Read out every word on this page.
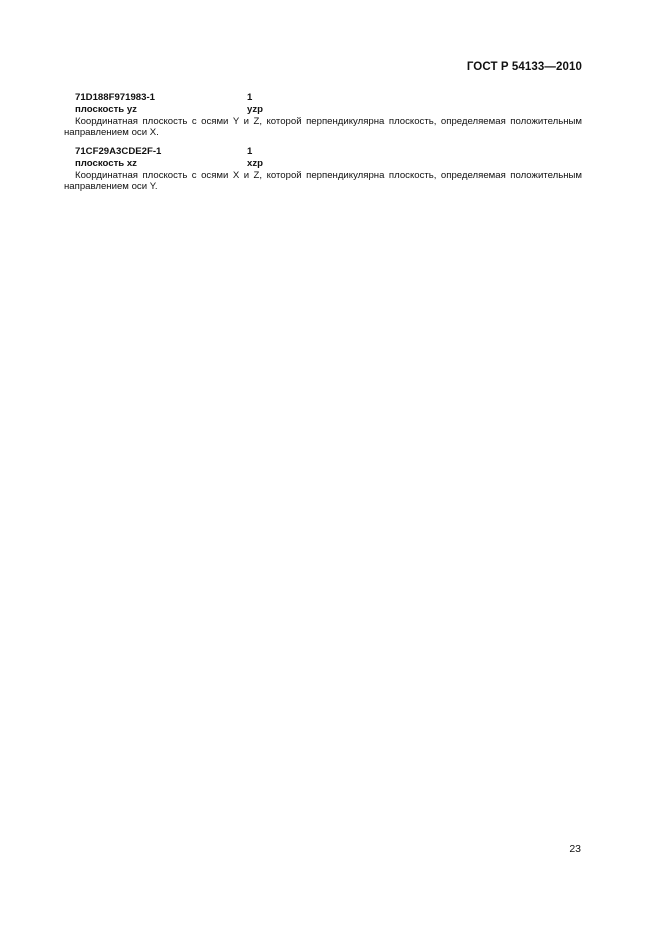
ГОСТ Р 54133—2010
71D188F971983-1	1
плоскость yz	yzp

Координатная плоскость с осями Y и Z, которой перпендикулярна плоскость, определяемая положительным направлением оси X.

71CF29A3CDE2F-1	1
плоскость xz	xzp

Координатная плоскость с осями X и Z, которой перпендикулярна плоскость, определяемая положительным направлением оси Y.

23
